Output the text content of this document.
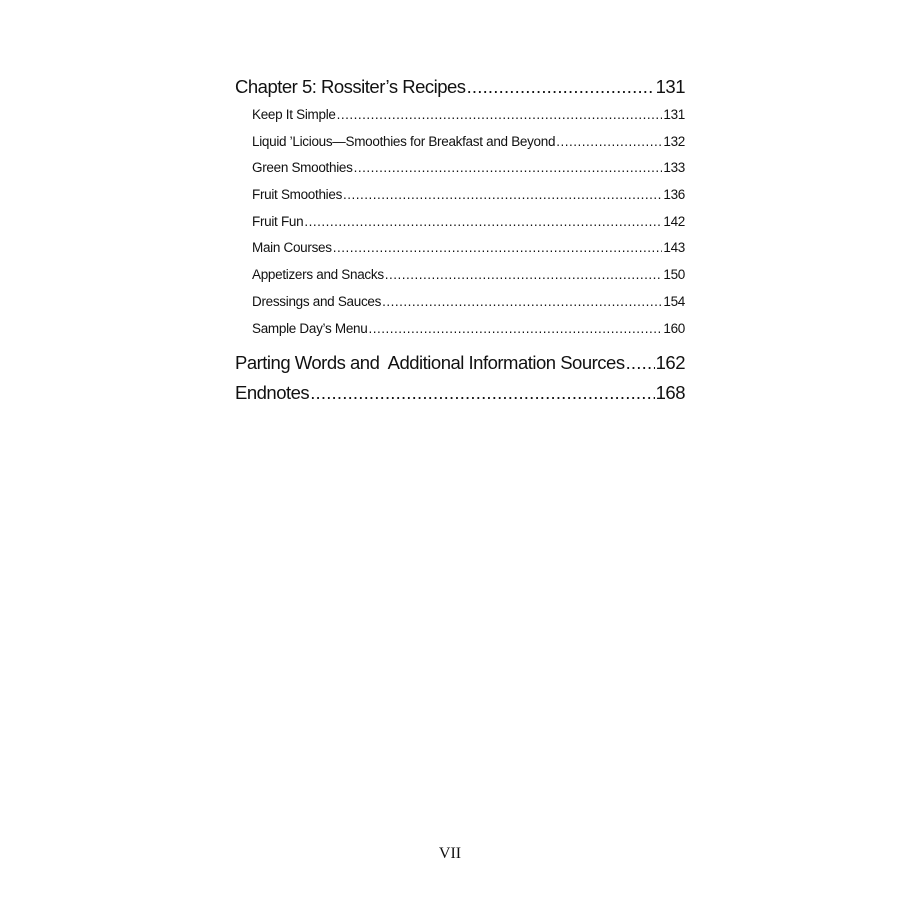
Chapter 5: Rossiter’s Recipes .....	131
Keep It Simple .....	131
Liquid ’Licious—Smoothies for Breakfast and Beyond .....	132
Green Smoothies .....	133
Fruit Smoothies .....	136
Fruit Fun .....	142
Main Courses .....	143
Appetizers and Snacks .....	150
Dressings and Sauces .....	154
Sample Day’s Menu .....	160
Parting Words and  Additional Information Sources ..... 162
Endnotes .....	168
VII
